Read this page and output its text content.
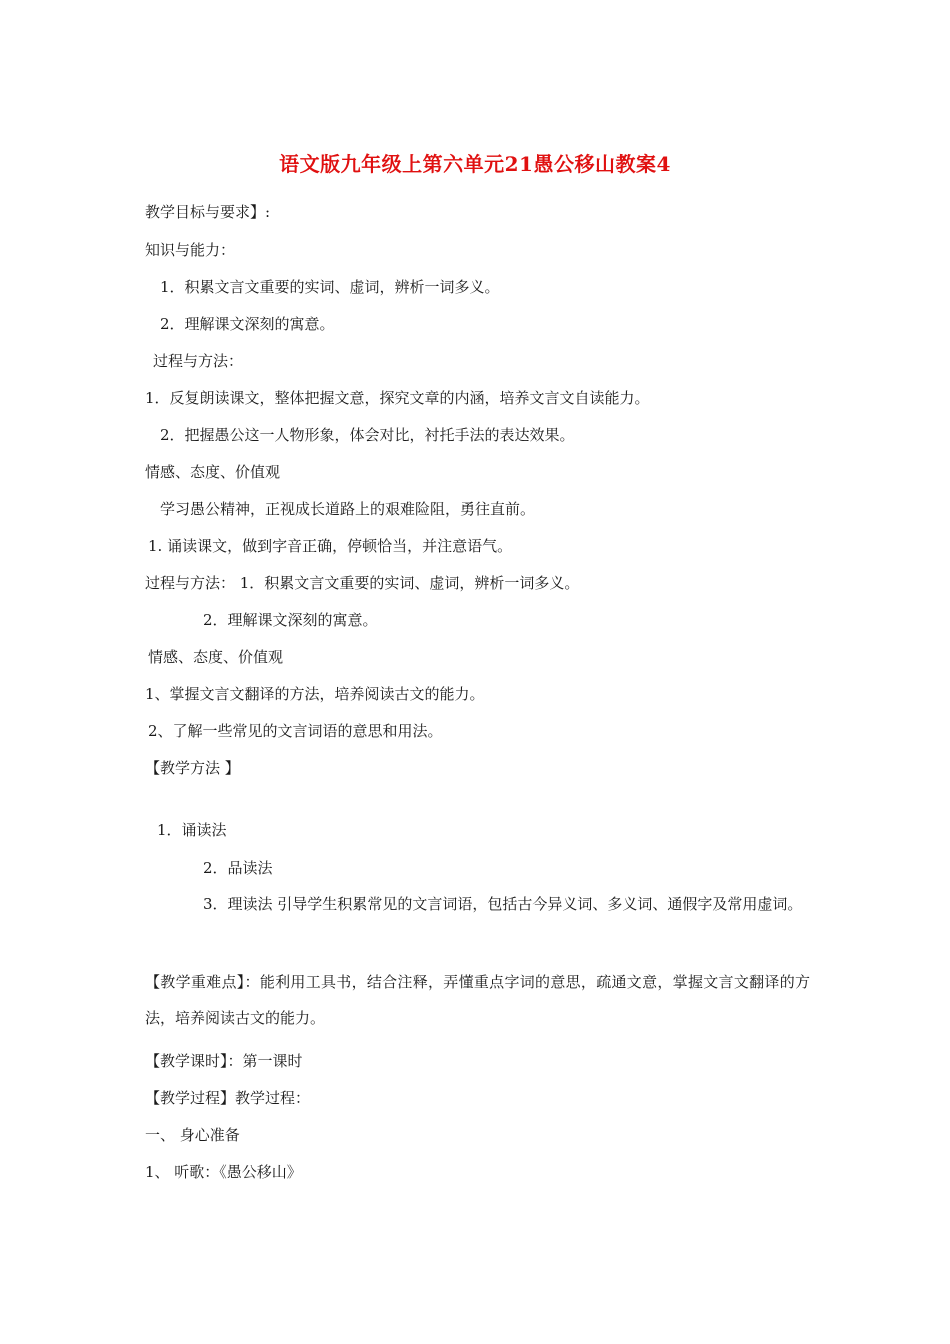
语文版九年级上第六单元21愚公移山教案4
教学目标与要求】:
知识与能力：
1．积累文言文重要的实词、虚词，辨析一词多义。
2．理解课文深刻的寓意。
过程与方法：
1．反复朗读课文，整体把握文意，探究文章的内涵，培养文言文自读能力。
2．把握愚公这一人物形象，体会对比，衬托手法的表达效果。
情感、态度、价值观
学习愚公精神，正视成长道路上的艰难险阻，勇往直前。
1. 诵读课文，做到字音正确，停顿恰当，并注意语气。
过程与方法： 1．积累文言文重要的实词、虚词，辨析一词多义。
2．理解课文深刻的寓意。
情感、态度、价值观
1、掌握文言文翻译的方法，培养阅读古文的能力。
2、了解一些常见的文言词语的意思和用法。
【教学方法 】
1．诵读法
2．品读法
3．理读法 引导学生积累常见的文言词语，包括古今异义词、多义词、通假字及常用虚词。
【教学重难点】：能利用工具书，结合注释，弄懂重点字词的意思，疏通文意，掌握文言文翻译的方法，培养阅读古文的能力。
【教学课时】：第一课时
【教学过程】教学过程：
一、 身心准备
1、 听歌：《愚公移山》
